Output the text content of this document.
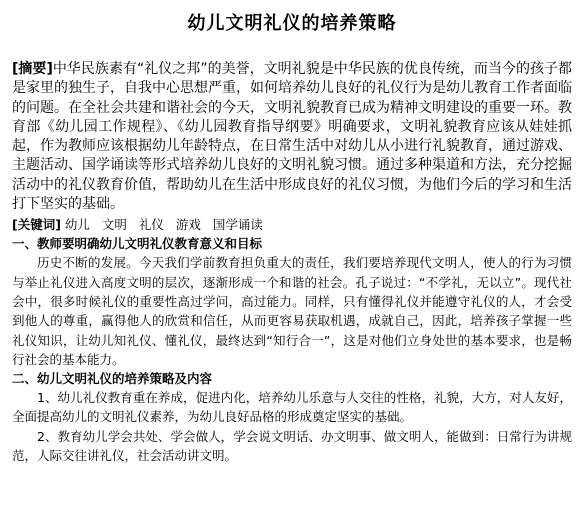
幼儿文明礼仪的培养策略

[摘要]中华民族素有“礼仪之邦”的美誉，文明礼貌是中华民族的优良传统，而当今的孩子都是家里的独生子，自我中心思想严重，如何培养幼儿良好的礼仪行为是幼儿教育工作者面临的问题。在全社会共建和谐社会的今天，文明礼貌教育已成为精神文明建设的重要一环。教育部《幼儿园工作规程》、《幼儿园教育指导纲要》明确要求，文明礼貌教育应该从娃娃抓起，作为教师应该根据幼儿年龄特点，在日常生活中对幼儿从小进行礼貌教育，通过游戏、主题活动、国学诵读等形式培养幼儿良好的文明礼貌习惯。通过多种渠道和方法，充分挖掘活动中的礼仪教育价值，帮助幼儿在生活中形成良好的礼仪习惯，为他们今后的学习和生活打下坚实的基础。

[关键词] 幼儿 文明 礼仪 游戏 国学诵读

一、教师要明确幼儿文明礼仪教育意义和目标

历史不断的发展。今天我们学前教育担负重大的责任，我们要培养现代文明人，使人的行为习惯与举止礼仪进入高度文明的层次，逐渐形成一个和谐的社会。孔子说过：“不学礼，无以立”。现代社会中，很多时候礼仪的重要性高过学问，高过能力。同样，只有懂得礼仪并能遵守礼仪的人，才会受到他人的尊重，赢得他人的欣赏和信任，从而更容易获取机遇，成就自己，因此，培养孩子掌握一些礼仪知识，让幼儿知礼仪、懂礼仪，最终达到“知行合一”，这是对他们立身处世的基本要求，也是畅行社会的基本能力。

二、幼儿文明礼仪的培养策略及内容

1、幼儿礼仪教育重在养成，促进内化，培养幼儿乐意与人交往的性格，礼貌，大方，对人友好，全面提高幼儿的文明礼仪素养，为幼儿良好品格的形成奠定坚实的基础。

2、教育幼儿学会共处、学会做人，学会说文明话、办文明事、做文明人，能做到：日常行为讲规范，人际交往讲礼仪，社会活动讲文明。
